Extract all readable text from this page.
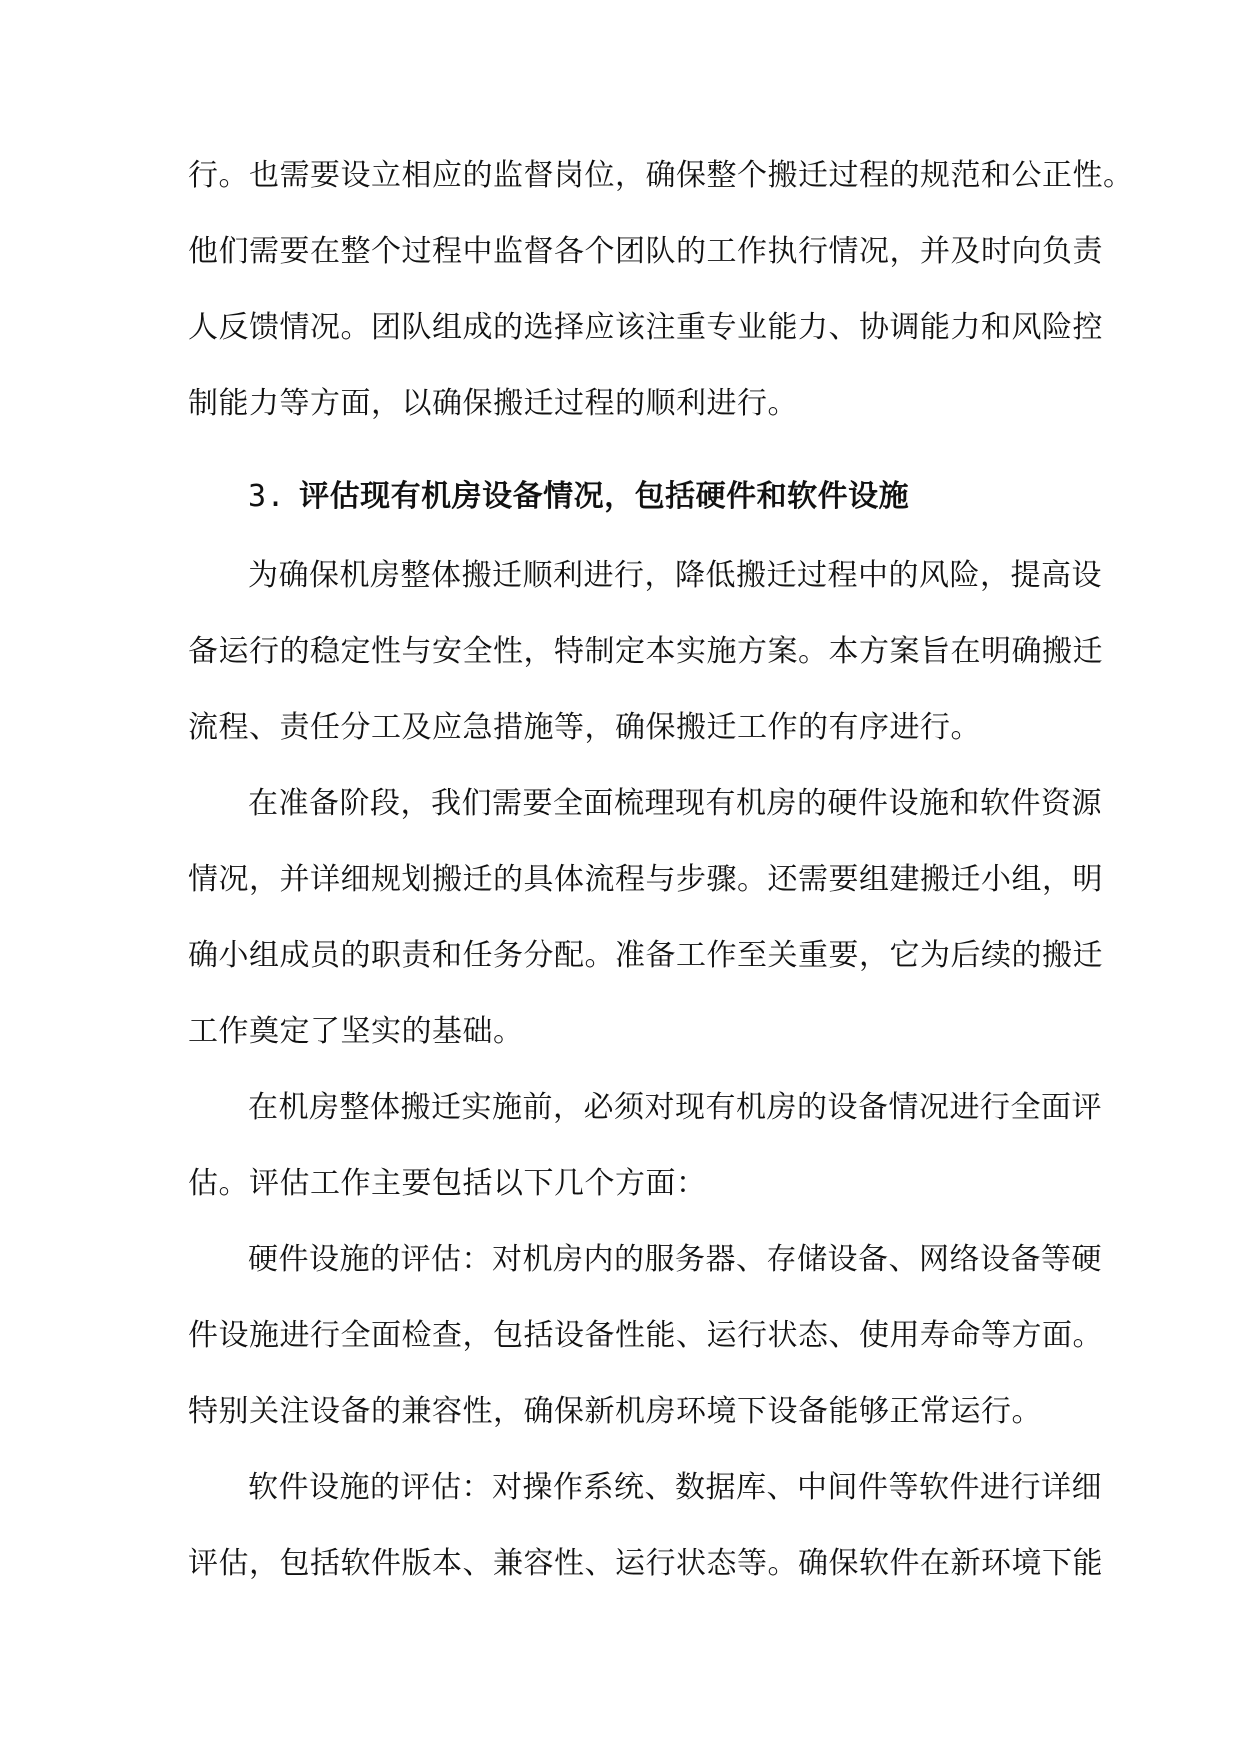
行。也需要设立相应的监督岗位，确保整个搬迁过程的规范和公正性。
他们需要在整个过程中监督各个团队的工作执行情况，并及时向负责
人反馈情况。团队组成的选择应该注重专业能力、协调能力和风险控
制能力等方面，以确保搬迁过程的顺利进行。
3. 评估现有机房设备情况，包括硬件和软件设施
为确保机房整体搬迁顺利进行，降低搬迁过程中的风险，提高设
备运行的稳定性与安全性，特制定本实施方案。本方案旨在明确搬迁
流程、责任分工及应急措施等，确保搬迁工作的有序进行。
在准备阶段，我们需要全面梳理现有机房的硬件设施和软件资源
情况，并详细规划搬迁的具体流程与步骤。还需要组建搬迁小组，明
确小组成员的职责和任务分配。准备工作至关重要，它为后续的搬迁
工作奠定了坚实的基础。
在机房整体搬迁实施前，必须对现有机房的设备情况进行全面评
估。评估工作主要包括以下几个方面：
硬件设施的评估：对机房内的服务器、存储设备、网络设备等硬
件设施进行全面检查，包括设备性能、运行状态、使用寿命等方面。
特别关注设备的兼容性，确保新机房环境下设备能够正常运行。
软件设施的评估：对操作系统、数据库、中间件等软件进行详细
评估，包括软件版本、兼容性、运行状态等。确保软件在新环境下能
